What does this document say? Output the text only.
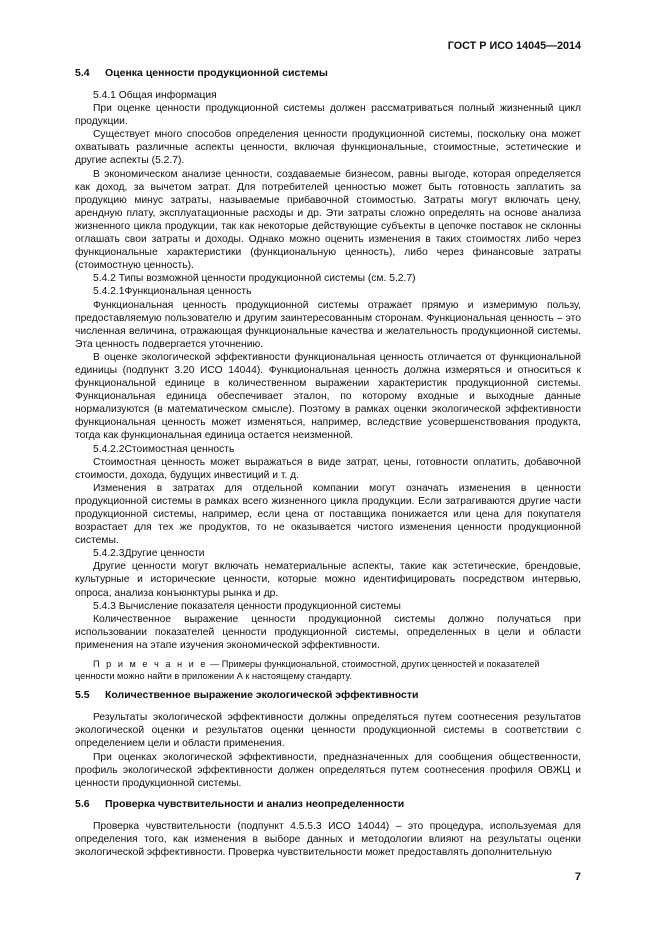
ГОСТ Р ИСО 14045—2014
5.4 Оценка ценности продукционной системы

5.4.1 Общая информация

При оценке ценности продукционной системы должен рассматриваться полный жизненный цикл продукции.

Существует много способов определения ценности продукционной системы, поскольку она может охватывать различные аспекты ценности, включая функциональные, стоимостные, эстетические и другие аспекты (5.2.7).

В экономическом анализе ценности, создаваемые бизнесом, равны выгоде, которая определяется как доход, за вычетом затрат. Для потребителей ценностью может быть готовность заплатить за продукцию минус затраты, называемые прибавочной стоимостью. Затраты могут включать цену, арендную плату, эксплуатационные расходы и др. Эти затраты сложно определять на основе анализа жизненного цикла продукции, так как некоторые действующие субъекты в цепочке поставок не склонны оглашать свои затраты и доходы. Однако можно оценить изменения в таких стоимостях либо через функциональные характеристики (функциональную ценность), либо через финансовые затраты (стоимостную ценность).

5.4.2 Типы возможной ценности продукционной системы (см. 5.2.7)

5.4.2.1Функциональная ценность

Функциональная ценность продукционной системы отражает прямую и измеримую пользу, предоставляемую пользователю и другим заинтересованным сторонам. Функциональная ценность – это численная величина, отражающая функциональные качества и желательность продукционной системы. Эта ценность подвергается уточнению.

В оценке экологической эффективности функциональная ценность отличается от функциональной единицы (подпункт 3.20 ИСО 14044). Функциональная ценность должна измеряться и относиться к функциональной единице в количественном выражении характеристик продукционной системы. Функциональная единица обеспечивает эталон, по которому входные и выходные данные нормализуются (в математическом смысле). Поэтому в рамках оценки экологической эффективности функциональная ценность может изменяться, например, вследствие усовершенствования продукта, тогда как функциональная единица остается неизменной.

5.4.2.2Стоимостная ценность

Стоимостная ценность может выражаться в виде затрат, цены, готовности оплатить, добавочной стоимости, дохода, будущих инвестиций и т. д.

Изменения в затратах для отдельной компании могут означать изменения в ценности продукционной системы в рамках всего жизненного цикла продукции. Если затрагиваются другие части продукционной системы, например, если цена от поставщика понижается или цена для покупателя возрастает для тех же продуктов, то не оказывается чистого изменения ценности продукционной системы.

5.4.2.3Другие ценности

Другие ценности могут включать нематериальные аспекты, такие как эстетические, брендовые, культурные и исторические ценности, которые можно идентифицировать посредством интервью, опроса, анализа конъюнктуры рынка и др.

5.4.3 Вычисление показателя ценности продукционной системы

Количественное выражение ценности продукционной системы должно получаться при использовании показателей ценности продукционной системы, определенных в цели и области применения на этапе изучения экономической эффективности.

П р и м е ч а н и е — Примеры функциональной, стоимостной, других ценностей и показателей ценности можно найти в приложении А к настоящему стандарту.
5.5 Количественное выражение экологической эффективности

Результаты экологической эффективности должны определяться путем соотнесения результатов экологической оценки и результатов оценки ценности продукционной системы в соответствии с определением цели и области применения.

При оценках экологической эффективности, предназначенных для сообщения общественности, профиль экологической эффективности должен определяться путем соотнесения профиля ОВЖЦ и ценности продукционной системы.

5.6 Проверка чувствительности и анализ неопределенности

Проверка чувствительности (подпункт 4.5.5.3 ИСО 14044) – это процедура, используемая для определения того, как изменения в выборе данных и методологии влияют на результаты оценки экологической эффективности. Проверка чувствительности может предоставлять дополнительную

7
